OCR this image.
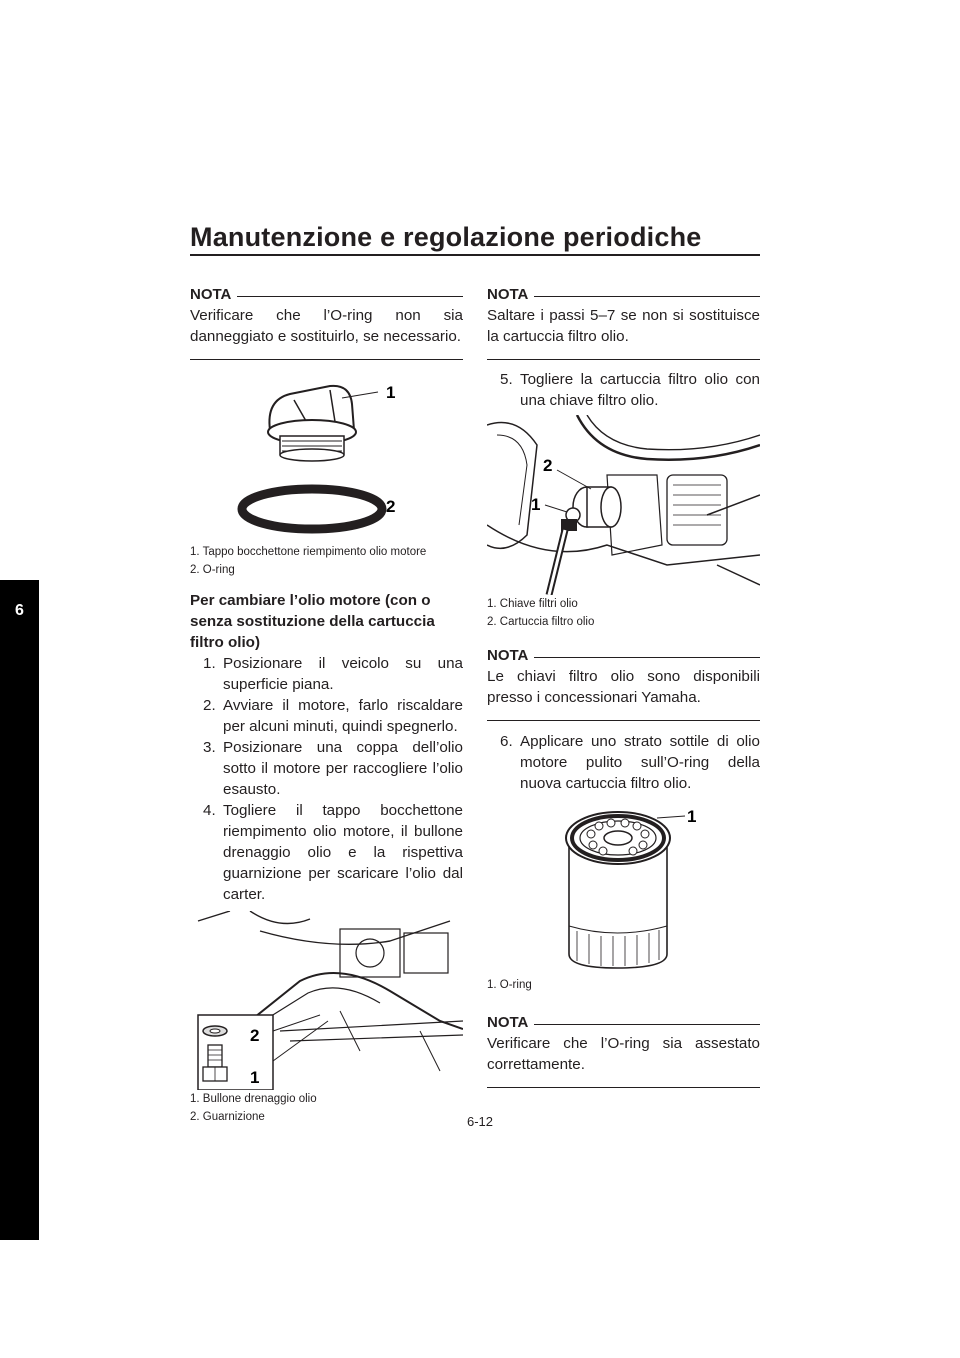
Manutenzione e regolazione periodiche
6
NOTA
Verificare che l’O-ring non sia danneggiato e sostituirlo, se necessario.
1
2
1. Tappo bocchettone riempimento olio motore
2. O-ring
Per cambiare l’olio motore (con o senza sostituzione della cartuccia filtro olio)
1. Posizionare il veicolo su una superficie piana.
2. Avviare il motore, farlo riscaldare per alcuni minuti, quindi spegnerlo.
3. Posizionare una coppa dell’olio sotto il motore per raccogliere l’olio esausto.
4. Togliere il tappo bocchettone riempimento olio motore, il bullone drenaggio olio e la rispettiva guarnizione per scaricare l’olio dal carter.
2
1
1. Bullone drenaggio olio
2. Guarnizione
NOTA
Saltare i passi 5–7 se non si sostituisce la cartuccia filtro olio.
5. Togliere la cartuccia filtro olio con una chiave filtro olio.
2
1
1. Chiave filtri olio
2. Cartuccia filtro olio
NOTA
Le chiavi filtro olio sono disponibili presso i concessionari Yamaha.
6. Applicare uno strato sottile di olio motore pulito sull’O-ring della nuova cartuccia filtro olio.
1
1. O-ring
NOTA
Verificare che l’O-ring sia assestato correttamente.
6-12
